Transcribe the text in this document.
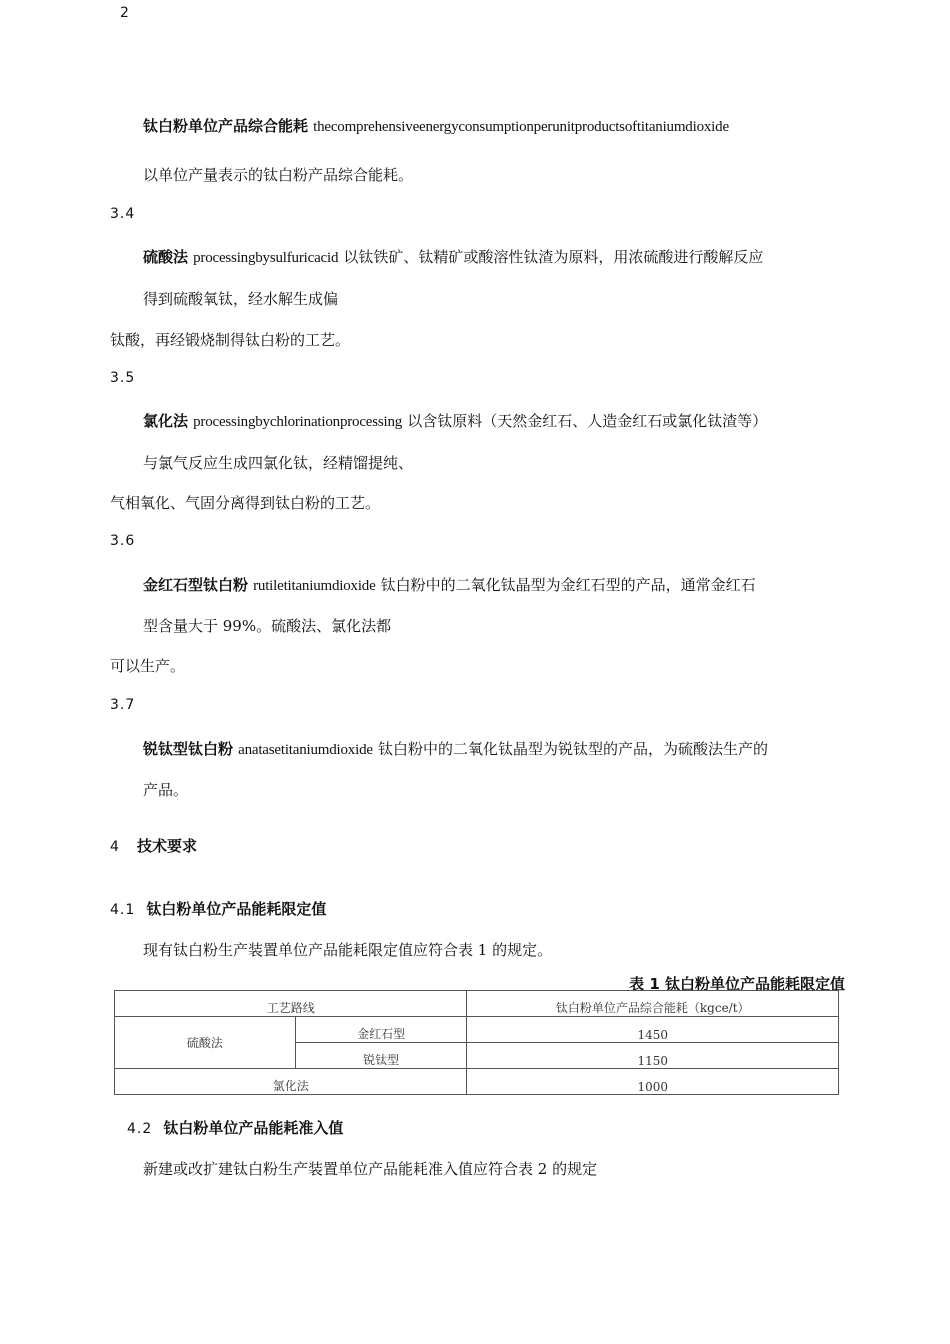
2
钛白粉单位产品综合能耗 thecomprehensiveenergyconsumptionperunitproductsoftitaniumdioxide
以单位产量表示的钛白粉产品综合能耗。
3.4
硫酸法 processingbysulfuricacid 以钛铁矿、钛精矿或酸溶性钛渣为原料，用浓硫酸进行酸解反应
得到硫酸氧钛，经水解生成偏
钛酸，再经锻烧制得钛白粉的工艺。
3.5
氯化法 processingbychlorinationprocessing 以含钛原料（天然金红石、人造金红石或氯化钛渣等）
与氯气反应生成四氯化钛，经精馏提纯、
气相氧化、气固分离得到钛白粉的工艺。
3.6
金红石型钛白粉 rutiletitaniumdioxide 钛白粉中的二氧化钛晶型为金红石型的产品，通常金红石
型含量大于 99%。硫酸法、氯化法都
可以生产。
3.7
锐钛型钛白粉 anatasetitaniumdioxide 钛白粉中的二氧化钛晶型为锐钛型的产品，为硫酸法生产的
产品。
4 技术要求
4.1 钛白粉单位产品能耗限定值
现有钛白粉生产装置单位产品能耗限定值应符合表 1 的规定。
表 1 钛白粉单位产品能耗限定值
工艺路线		钛白粉单位产品综合能耗（kgce/t）
硫酸法	金红石型	1450
	锐钛型	1150
氯化法		1000
4.2 钛白粉单位产品能耗准入值
新建或改扩建钛白粉生产装置单位产品能耗准入值应符合表 2 的规定
